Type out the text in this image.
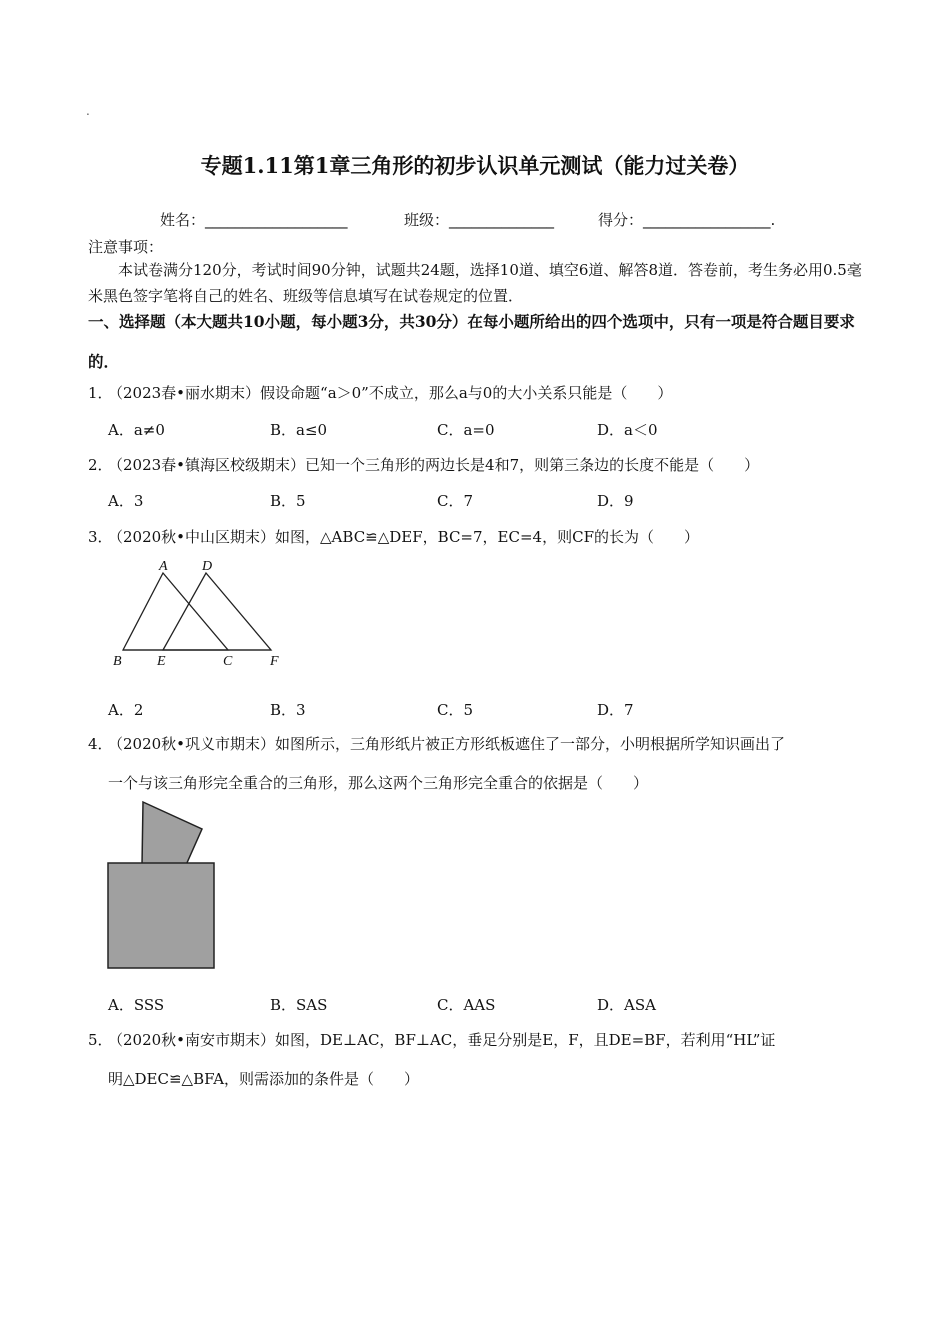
.
专题1.11第1章三角形的初步认识单元测试（能力过关卷）
姓名：___________________	班级：______________	得分：_________________.
注意事项：
本试卷满分120分，考试时间90分钟，试题共24题，选择10道、填空6道、解答8道．答卷前，考生务必用0.5毫米黑色签字笔将自己的姓名、班级等信息填写在试卷规定的位置．
一、选择题（本大题共10小题，每小题3分，共30分）在每小题所给出的四个选项中，只有一项是符合题目要求的．
1．（2023春•丽水期末）假设命题“a＞0”不成立，那么a与0的大小关系只能是（　　）
A．a≠0	B．a≤0	C．a=0	D．a＜0
2．（2023春•镇海区校级期末）已知一个三角形的两边长是4和7，则第三条边的长度不能是（　　）
A．3	B．5	C．7	D．9
3．（2020秋•中山区期末）如图，△ABC≌△DEF，BC=7，EC=4，则CF的长为（　　）
A D
B	E	C	F
A．2	B．3	C．5	D．7
4．（2020秋•巩义市期末）如图所示，三角形纸片被正方形纸板遮住了一部分，小明根据所学知识画出了
一个与该三角形完全重合的三角形，那么这两个三角形完全重合的依据是（　　）
A．SSS	B．SAS	C．AAS	D．ASA
5．（2020秋•南安市期末）如图，DE⊥AC，BF⊥AC，垂足分别是E，F，且DE=BF，若利用“HL”证
明△DEC≌△BFA，则需添加的条件是（　　）
